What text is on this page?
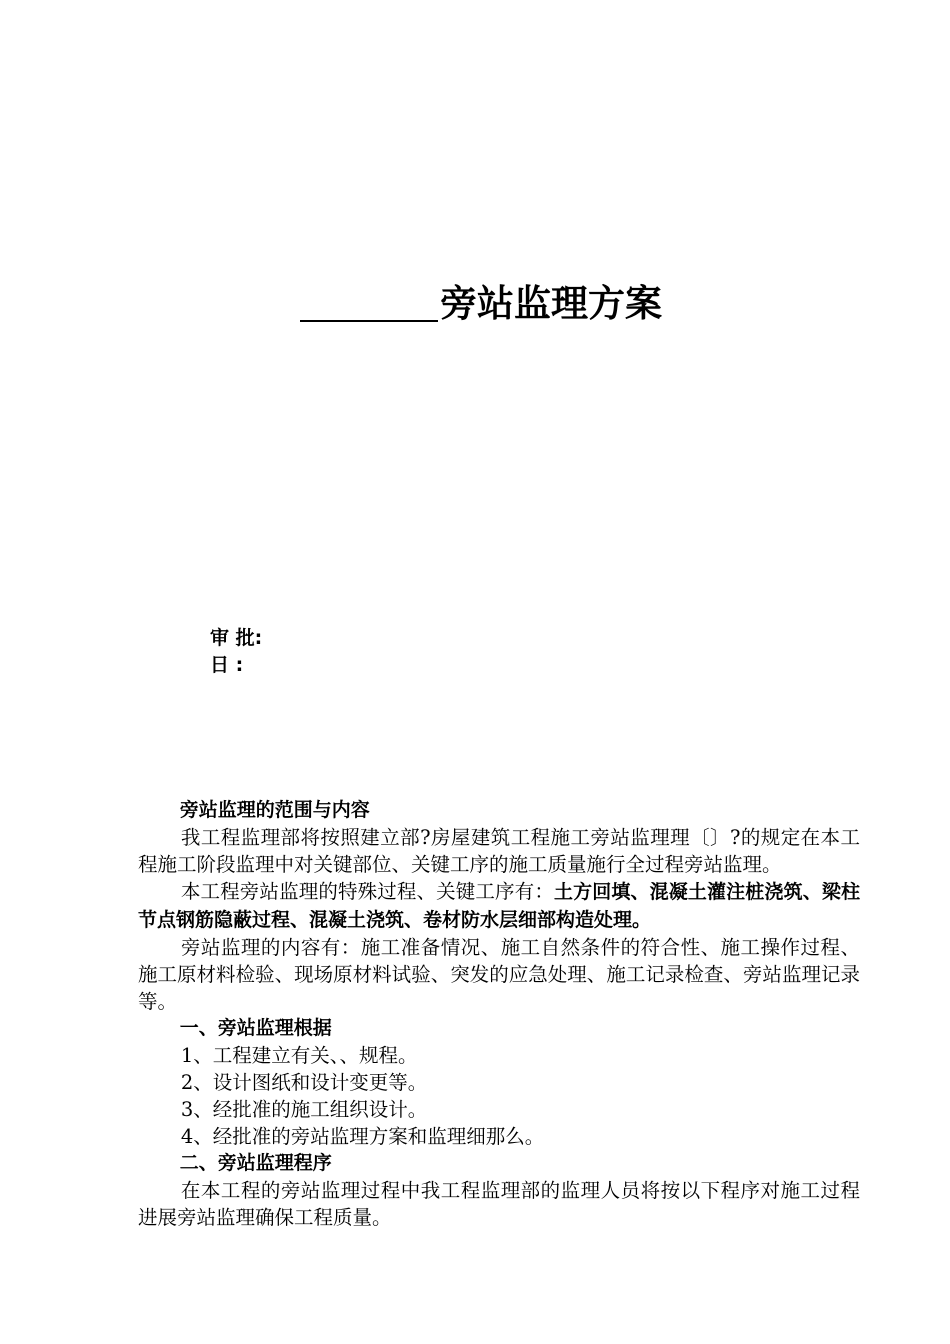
旁站监理方案
审 批:
日 :

旁站监理的范围与内容

我工程监理部将按照建立部?房屋建筑工程施工旁站监理理〔〕?的规定在本工程施工阶段监理中对关键部位、关键工序的施工质量施行全过程旁站监理。

本工程旁站监理的特殊过程、关键工序有：土方回填、混凝土灌注桩浇筑、梁柱节点钢筋隐蔽过程、混凝土浇筑、卷材防水层细部构造处理。

旁站监理的内容有：施工准备情况、施工自然条件的符合性、施工操作过程、施工原材料检验、现场原材料试验、突发的应急处理、施工记录检查、旁站监理记录等。

一、旁站监理根据

1、工程建立有关、、规程。

2、设计图纸和设计变更等。

3、经批准的施工组织设计。

4、经批准的旁站监理方案和监理细那么。

二、旁站监理程序

在本工程的旁站监理过程中我工程监理部的监理人员将按以下程序对施工过程进展旁站监理确保工程质量。
